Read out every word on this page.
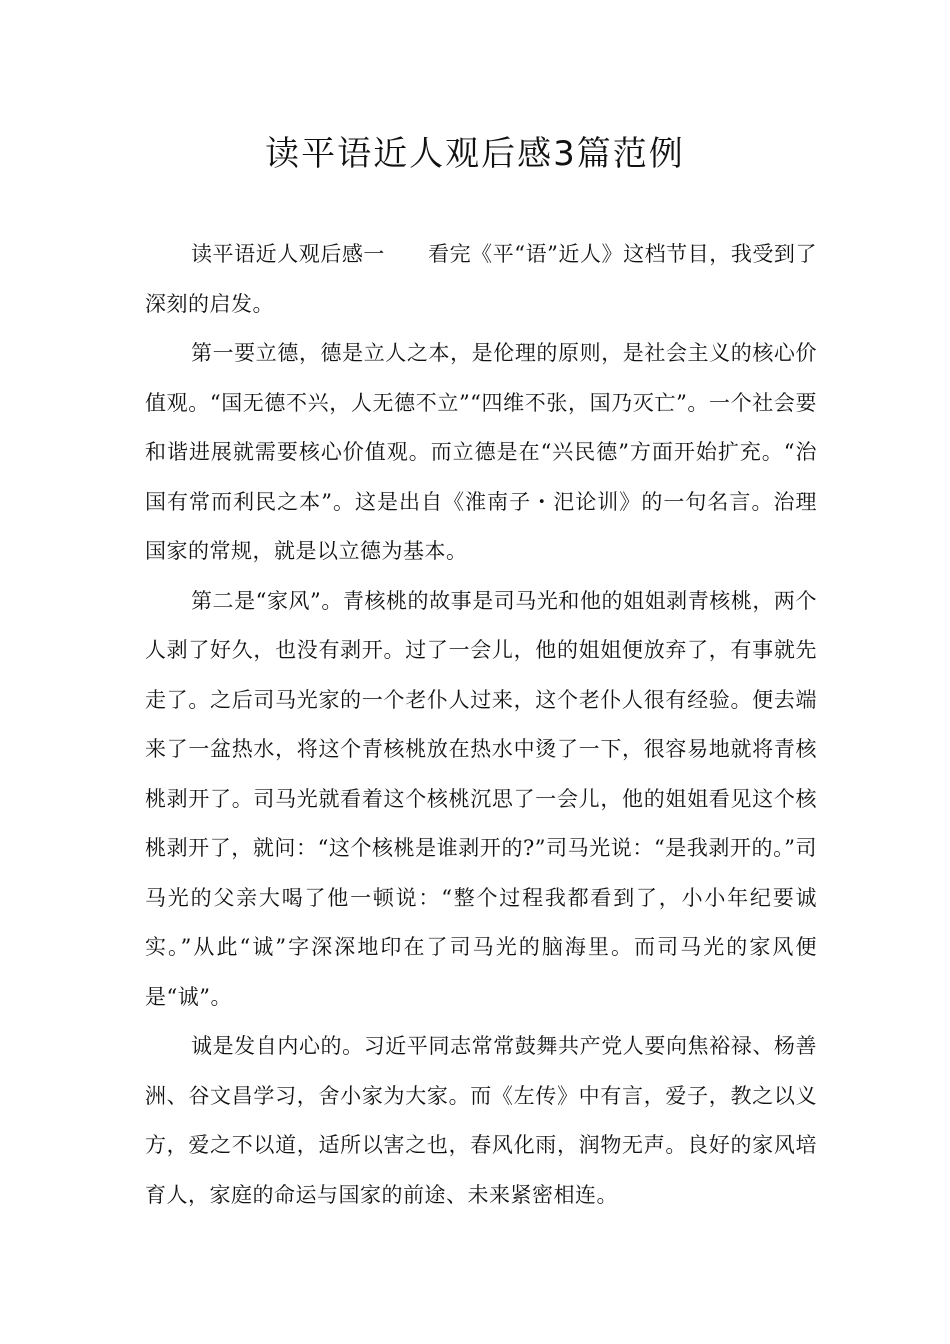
读平语近人观后感3篇范例

读平语近人观后感一　　看完《平“语”近人》这档节目，我受到了深刻的启发。

第一要立德，德是立人之本，是伦理的原则，是社会主义的核心价值观。“国无德不兴，人无德不立”“四维不张，国乃灭亡”。一个社会要和谐进展就需要核心价值观。而立德是在“兴民德”方面开始扩充。“治国有常而利民之本”。这是出自《淮南子・汜论训》的一句名言。治理国家的常规，就是以立德为基本。

第二是“家风”。青核桃的故事是司马光和他的姐姐剥青核桃，两个人剥了好久，也没有剥开。过了一会儿，他的姐姐便放弃了，有事就先走了。之后司马光家的一个老仆人过来，这个老仆人很有经验。便去端来了一盆热水，将这个青核桃放在热水中烫了一下，很容易地就将青核桃剥开了。司马光就看着这个核桃沉思了一会儿，他的姐姐看见这个核桃剥开了，就问：“这个核桃是谁剥开的?”司马光说：“是我剥开的。”司马光的父亲大喝了他一顿说：“整个过程我都看到了，小小年纪要诚实。”从此“诚”字深深地印在了司马光的脑海里。而司马光的家风便是“诚”。

诚是发自内心的。习近平同志常常鼓舞共产党人要向焦裕禄、杨善洲、谷文昌学习，舍小家为大家。而《左传》中有言，爱子，教之以义方，爱之不以道，适所以害之也，春风化雨，润物无声。良好的家风培育人，家庭的命运与国家的前途、未来紧密相连。
